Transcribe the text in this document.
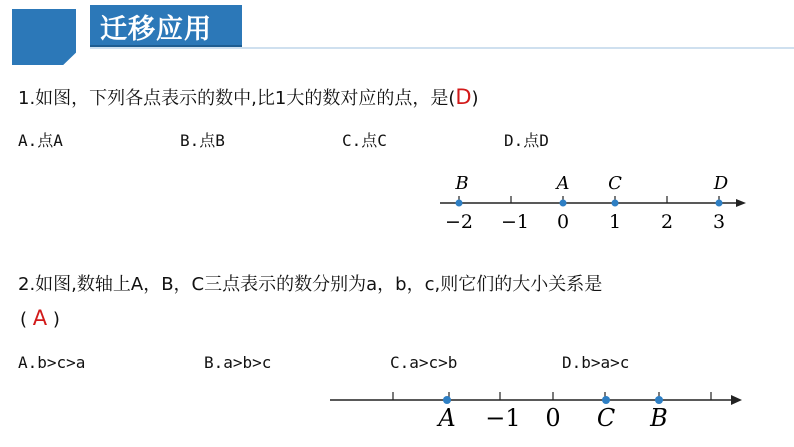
迁移应用
1.如图，下列各点表示的数中,比1大的数对应的点，是(D)
A.点A	B.点B	C.点C	D.点D
−2 −1 0 1 2 3
B	A C	D
A −1 0 C B
2.如图,数轴上A，B，C三点表示的数分别为a，b，c,则它们的大小关系是
( A )
A.b>c>a	B.a>b>c	C.a>c>b	D.b>a>c
